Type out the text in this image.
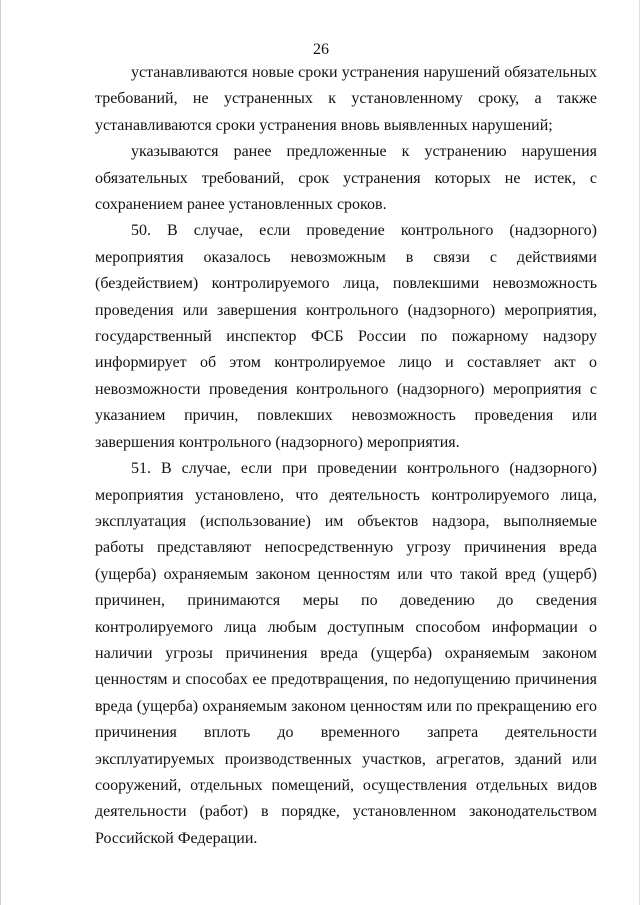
26

устанавливаются новые сроки устранения нарушений обязательных требований, не устраненных к установленному сроку, а также устанавливаются сроки устранения вновь выявленных нарушений;

указываются ранее предложенные к устранению нарушения обязательных требований, срок устранения которых не истек, с сохранением ранее установленных сроков.

50. В случае, если проведение контрольного (надзорного) мероприятия оказалось невозможным в связи с действиями (бездействием) контролируемого лица, повлекшими невозможность проведения или завершения контрольного (надзорного) мероприятия, государственный инспектор ФСБ России по пожарному надзору информирует об этом контролируемое лицо и составляет акт о невозможности проведения контрольного (надзорного) мероприятия с указанием причин, повлекших невозможность проведения или завершения контрольного (надзорного) мероприятия.

51. В случае, если при проведении контрольного (надзорного) мероприятия установлено, что деятельность контролируемого лица, эксплуатация (использование) им объектов надзора, выполняемые работы представляют непосредственную угрозу причинения вреда (ущерба) охраняемым законом ценностям или что такой вред (ущерб) причинен, принимаются меры по доведению до сведения контролируемого лица любым доступным способом информации о наличии угрозы причинения вреда (ущерба) охраняемым законом ценностям и способах ее предотвращения, по недопущению причинения вреда (ущерба) охраняемым законом ценностям или по прекращению его причинения вплоть до временного запрета деятельности эксплуатируемых производственных участков, агрегатов, зданий или сооружений, отдельных помещений, осуществления отдельных видов деятельности (работ) в порядке, установленном законодательством Российской Федерации.
